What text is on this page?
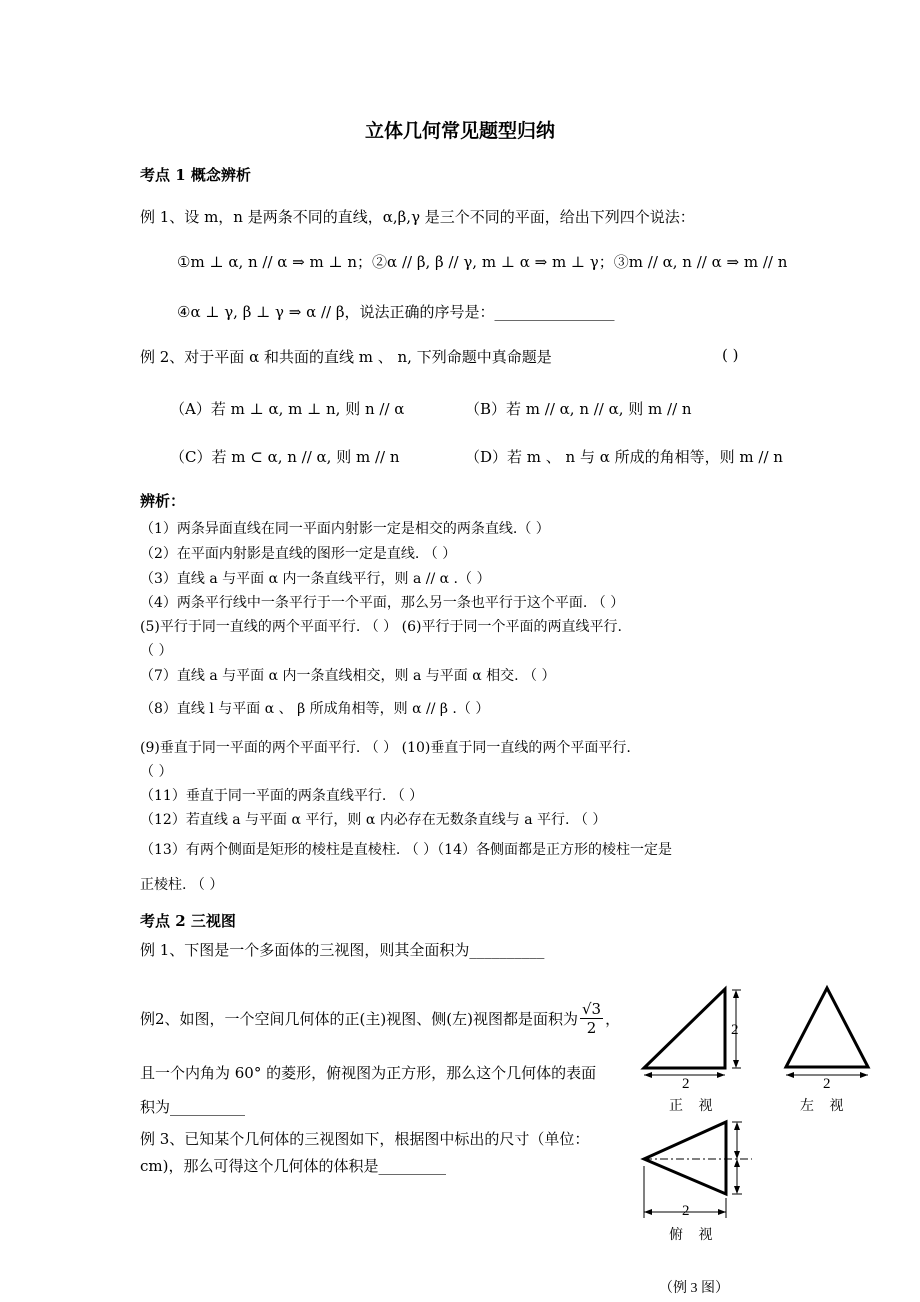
立体几何常见题型归纳
考点 1 概念辨析
例 1、设 m，n 是两条不同的直线，α,β,γ 是三个不同的平面，给出下列四个说法：
①m ⊥ α, n // α ⇒ m ⊥ n；②α // β, β // γ, m ⊥ α ⇒ m ⊥ γ；③m // α, n // α ⇒ m // n
④α ⊥ γ, β ⊥ γ ⇒ α // β，说法正确的序号是：________________
例 2、对于平面 α 和共面的直线 m 、 n, 下列命题中真命题是	( )
（A）若 m ⊥ α, m ⊥ n, 则 n // α	（B）若 m // α, n // α, 则 m // n
（C）若 m ⊂ α, n // α, 则 m // n	（D）若 m 、 n 与 α 所成的角相等，则 m // n
辨析：
（1）两条异面直线在同一平面内射影一定是相交的两条直线.（ ）
（2）在平面内射影是直线的图形一定是直线. （ ）
（3）直线 a 与平面 α 内一条直线平行，则 a // α .（ ）
（4）两条平行线中一条平行于一个平面，那么另一条也平行于这个平面. （ ）
(5)平行于同一直线的两个平面平行. （ ） (6)平行于同一个平面的两直线平行.
（ ）
（7）直线 a 与平面 α 内一条直线相交，则 a 与平面 α 相交. （ ）
（8）直线 l 与平面 α 、 β 所成角相等，则 α // β .（ ）
(9)垂直于同一平面的两个平面平行. （ ） (10)垂直于同一直线的两个平面平行.
（ ）
（11）垂直于同一平面的两条直线平行. （ ）
（12）若直线 a 与平面 α 平行，则 α 内必存在无数条直线与 a 平行. （ ）
（13）有两个侧面是矩形的棱柱是直棱柱. （ ）（14）各侧面都是正方形的棱柱一定是
正棱柱. （ ）
考点 2 三视图
例 1、下图是一个多面体的三视图，则其全面积为__________
例2、如图，一个空间几何体的正(主)视图、侧(左)视图都是面积为 $\frac{√3}{2}$ ，
且一个内角为 60° 的菱形，俯视图为正方形，那么这个几何体的表面
积为__________
例 3、已知某个几何体的三视图如下，根据图中标出的尺寸（单位：
cm)，那么可得这个几何体的体积是_________
2
2	2
2
正 视	左 视
俯 视
（例 3 图）
